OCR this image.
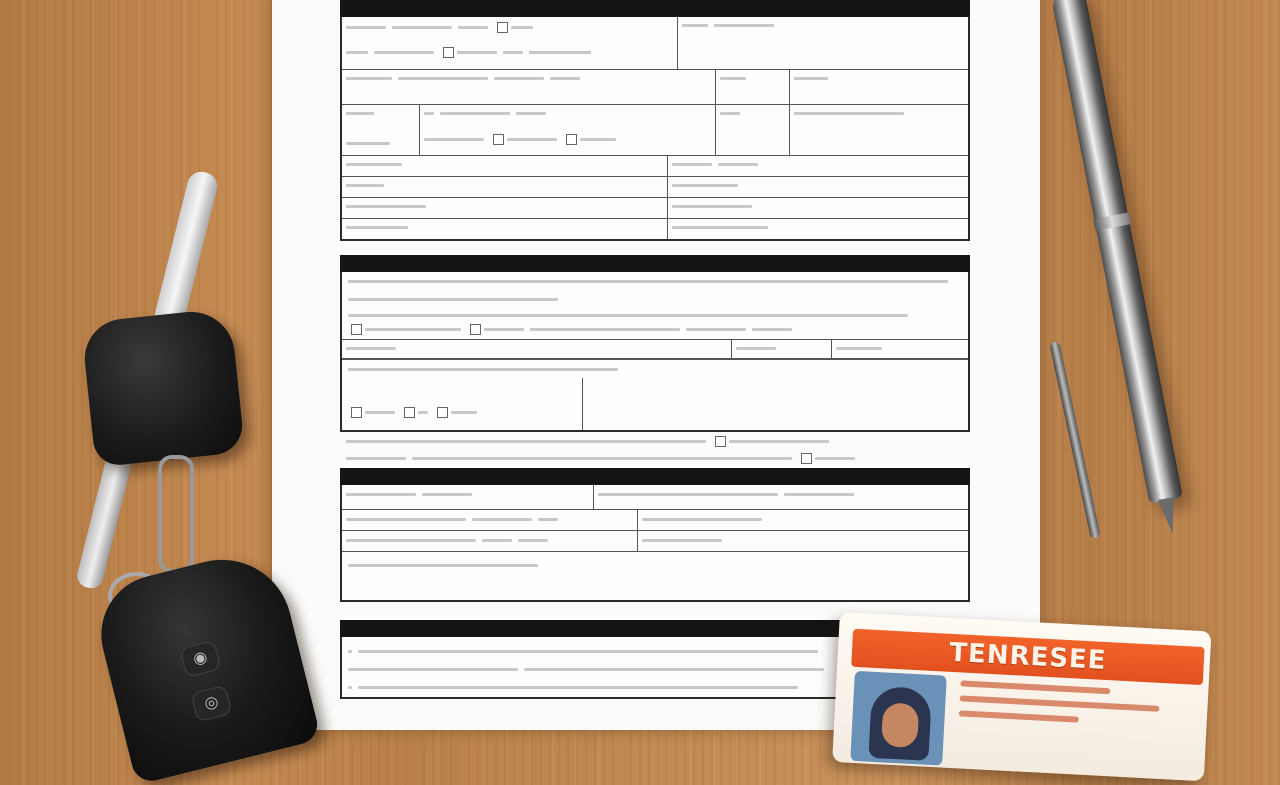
◉
◎
TENRESEE
